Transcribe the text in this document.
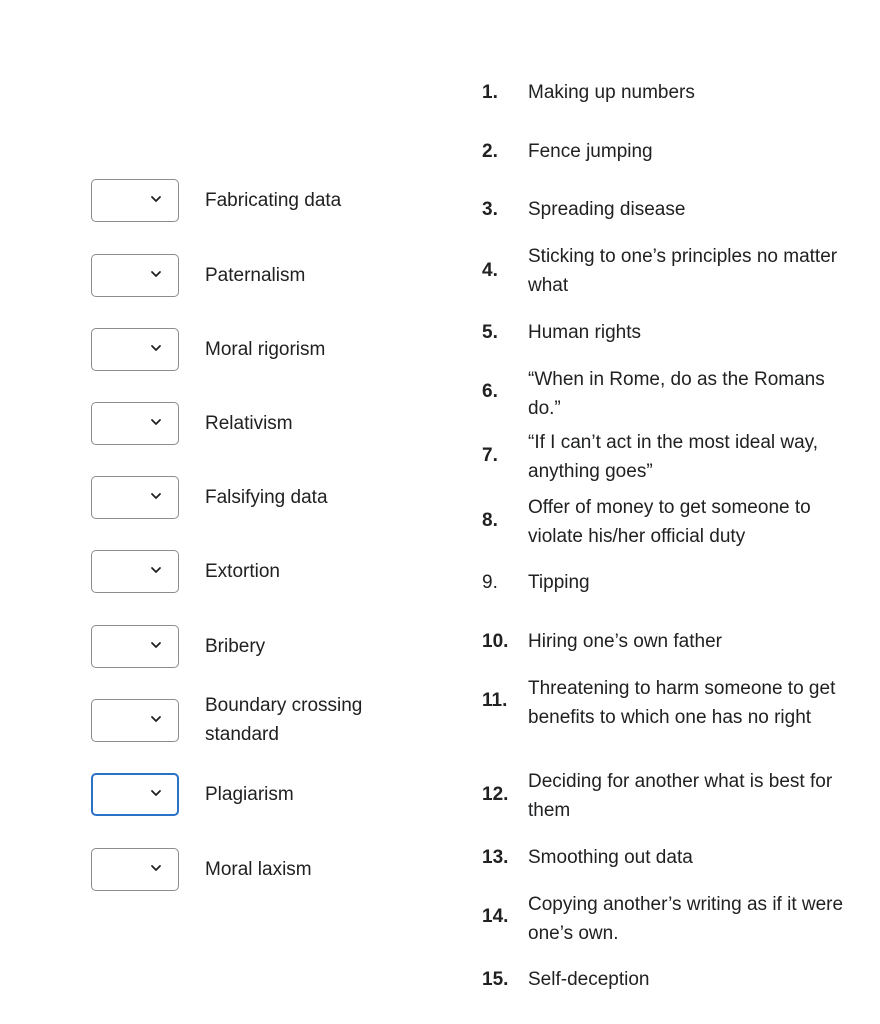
Fabricating data
Paternalism
Moral rigorism
Relativism
Falsifying data
Extortion
Bribery
Boundary crossing standard
Plagiarism
Moral laxism
1. Making up numbers
2. Fence jumping
3. Spreading disease
4.
Sticking to one’s principles no matter what
5. Human rights
6.
“When in Rome, do as the Romans do.”
7.
“If I can’t act in the most ideal way, anything goes”
8.
Offer of money to get someone to violate his/her official duty
9. Tipping
10. Hiring one’s own father
11.
Threatening to harm someone to get benefits to which one has no right
12.
Deciding for another what is best for them
13. Smoothing out data
14.
Copying another’s writing as if it were one’s own.
15. Self-deception
